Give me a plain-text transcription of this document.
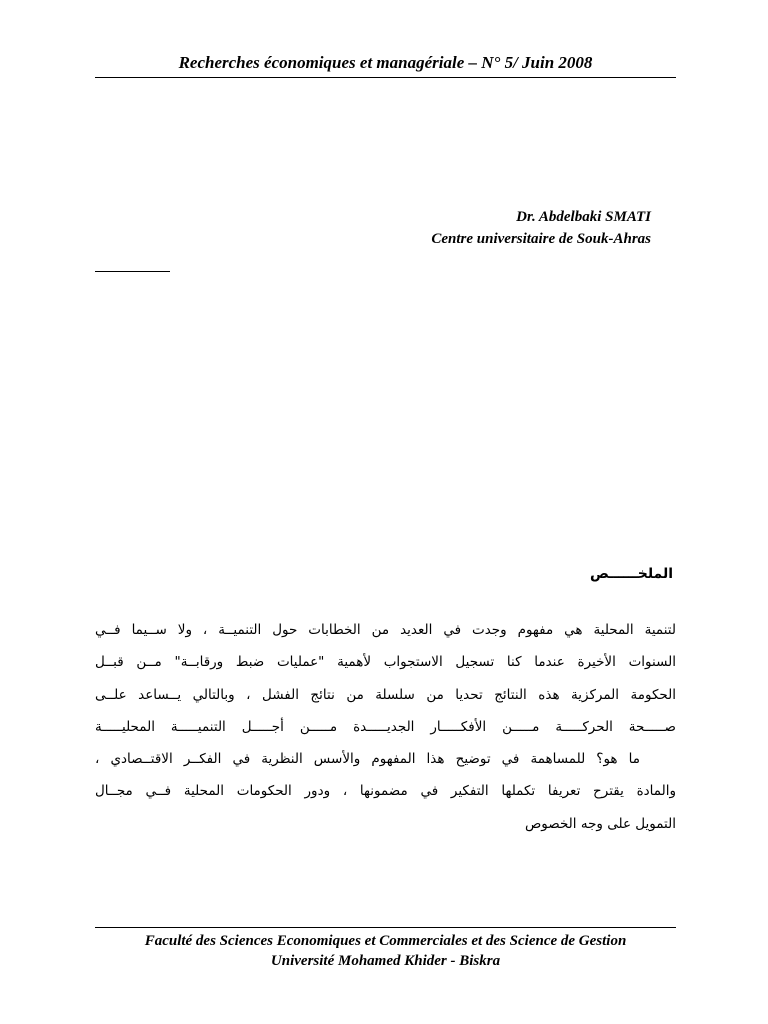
Recherches économiques et managériale – N° 5/ Juin 2008
Dr. Abdelbaki SMATI
Centre universitaire de Souk-Ahras
الملخــــــص
لتنمية المحلية هي مفهوم وجدت في العديد من الخطابات حول التنميــة ، ولا ســيما فــي
السنوات الأخيرة عندما كنا تسجيل الاستجواب لأهمية "عمليات ضبط ورقابــة" مــن قبــل
الحكومة المركزية هذه النتائج تحديا من سلسلة من نتائج الفشل ، وبالتالي يــساعد علــى
صـــــحة الحركـــــة مـــــن الأفكـــــار الجديـــــدة مـــــن أجـــــل التنميـــــة المحليـــــة
ما هو؟ للمساهمة في توضيح هذا المفهوم والأسس النظرية في الفكــر الاقتــصادي ،
والمادة يقترح تعريفا تكملها التفكير في مضمونها ، ودور الحكومات المحلية فــي مجــال
التمويل على وجه الخصوص
Faculté des Sciences Economiques et Commerciales et des Science de Gestion
Université Mohamed Khider - Biskra
